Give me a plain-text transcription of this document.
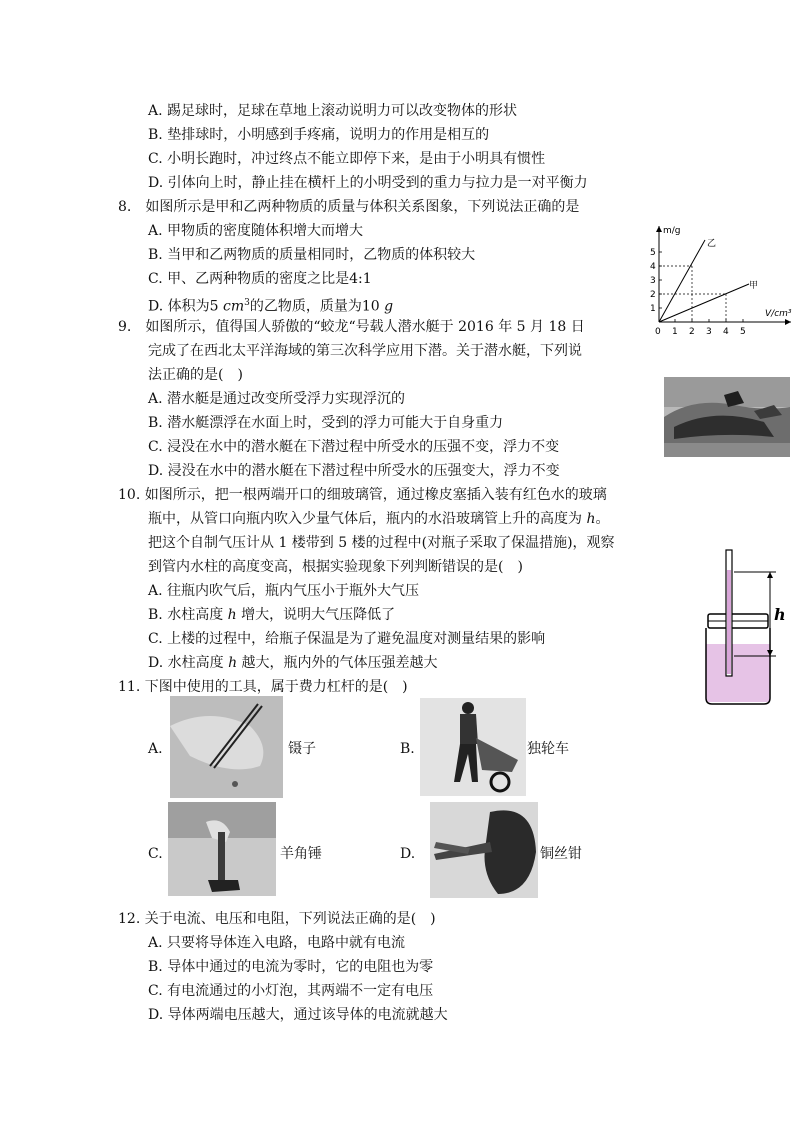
A. 踢足球时，足球在草地上滚动说明力可以改变物体的形状
B. 垫排球时，小明感到手疼痛，说明力的作用是相互的
C. 小明长跑时，冲过终点不能立即停下来，是由于小明具有惯性
D. 引体向上时，静止挂在横杆上的小明受到的重力与拉力是一对平衡力
8.　如图所示是甲和乙两种物质的质量与体积关系图象，下列说法正确的是
A. 甲物质的密度随体积增大而增大
B. 当甲和乙两物质的质量相同时，乙物质的体积较大
C. 甲、乙两种物质的密度之比是4:1
D. 体积为5 $cm^3$的乙物质，质量为10 g
m/g
V/cm³
0 1 2 3 4 5
1
2
3
4
5
乙
甲
9.　如图所示，值得国人骄傲的“蛟龙“号载人潜水艇于 2016 年 5 月 18 日
完成了在西北太平洋海域的第三次科学应用下潜。关于潜水艇，下列说
法正确的是(　)
A. 潜水艇是通过改变所受浮力实现浮沉的
B. 潜水艇漂浮在水面上时，受到的浮力可能大于自身重力
C. 浸没在水中的潜水艇在下潜过程中所受水的压强不变，浮力不变
D. 浸没在水中的潜水艇在下潜过程中所受水的压强变大，浮力不变
10. 如图所示，把一根两端开口的细玻璃管，通过橡皮塞插入装有红色水的玻璃
瓶中，从管口向瓶内吹入少量气体后，瓶内的水沿玻璃管上升的高度为 h。
把这个自制气压计从 1 楼带到 5 楼的过程中(对瓶子采取了保温措施)，观察
到管内水柱的高度变高，根据实验现象下列判断错误的是(　)
A. 往瓶内吹气后，瓶内气压小于瓶外大气压
B. 水柱高度 h 增大，说明大气压降低了
C. 上楼的过程中，给瓶子保温是为了避免温度对测量结果的影响
D. 水柱高度 h 越大，瓶内外的气体压强差越大
h
11. 下图中使用的工具，属于费力杠杆的是(　)
A.	镊子	B.	独轮车
C.	羊角锤	D.	铜丝钳
12. 关于电流、电压和电阻，下列说法正确的是(　)
A. 只要将导体连入电路，电路中就有电流
B. 导体中通过的电流为零时，它的电阻也为零
C. 有电流通过的小灯泡，其两端不一定有电压
D. 导体两端电压越大，通过该导体的电流就越大
